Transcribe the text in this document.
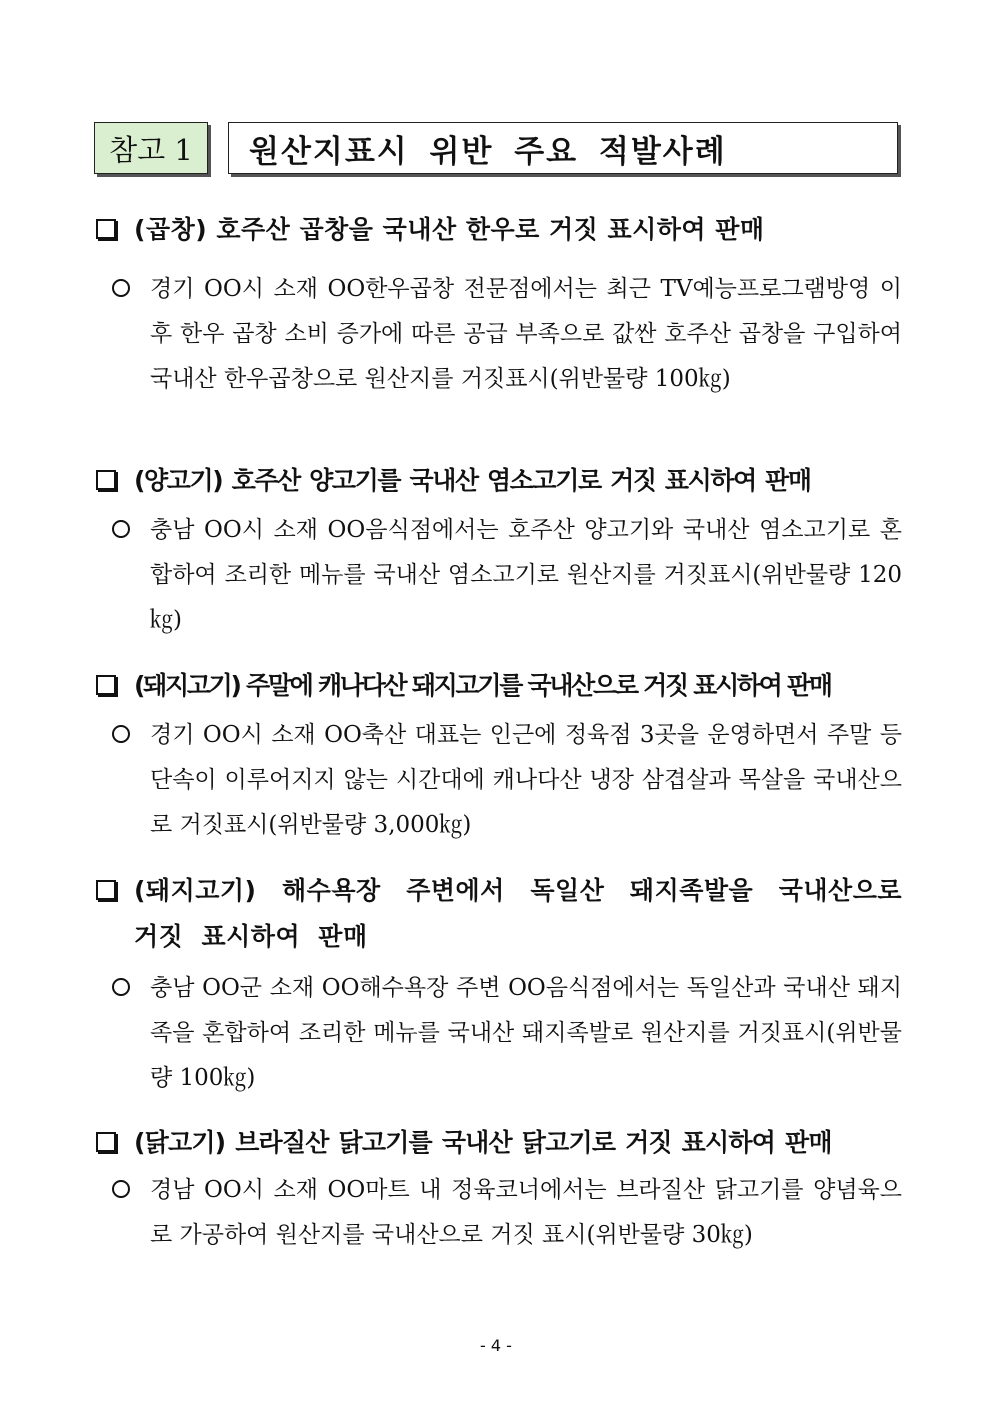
참고 1	원산지표시 위반 주요 적발사례
(곱창) 호주산 곱창을 국내산 한우로 거짓 표시하여 판매
경기 OO시 소재 OO한우곱창 전문점에서는 최근 TV예능프로그램방영 이후 한우 곱창 소비 증가에 따른 공급 부족으로 값싼 호주산 곱창을 구입하여 국내산 한우곱창으로 원산지를 거짓표시(위반물량 100㎏)
(양고기) 호주산 양고기를 국내산 염소고기로 거짓 표시하여 판매
충남 OO시 소재 OO음식점에서는 호주산 양고기와 국내산 염소고기로 혼합하여 조리한 메뉴를 국내산 염소고기로 원산지를 거짓표시(위반물량 120㎏)
(돼지고기) 주말에 캐나다산 돼지고기를 국내산으로 거짓 표시하여 판매
경기 OO시 소재 OO축산 대표는 인근에 정육점 3곳을 운영하면서 주말 등 단속이 이루어지지 않는 시간대에 캐나다산 냉장 삼겹살과 목살을 국내산으로 거짓표시(위반물량 3,000㎏)
(돼지고기) 해수욕장 주변에서 독일산 돼지족발을 국내산으로 거짓 표시하여 판매
충남 OO군 소재 OO해수욕장 주변 OO음식점에서는 독일산과 국내산 돼지족을 혼합하여 조리한 메뉴를 국내산 돼지족발로 원산지를 거짓표시(위반물량 100㎏)
(닭고기) 브라질산 닭고기를 국내산 닭고기로 거짓 표시하여 판매
경남 OO시 소재 OO마트 내 정육코너에서는 브라질산 닭고기를 양념육으로 가공하여 원산지를 국내산으로 거짓 표시(위반물량 30㎏)
- 4 -
